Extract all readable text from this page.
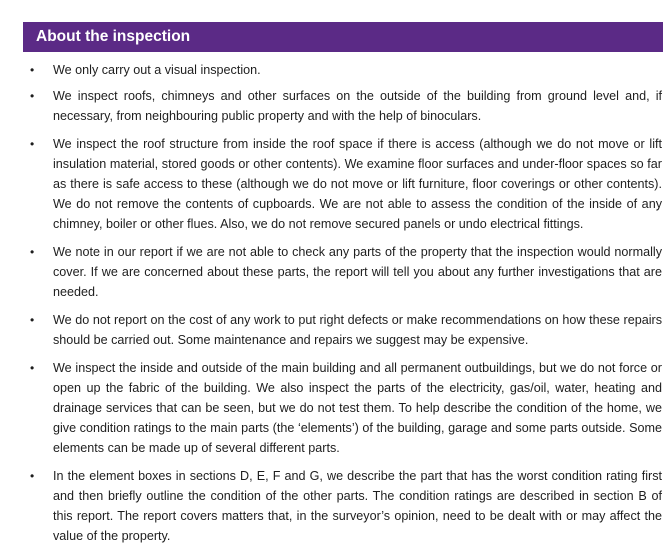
About the inspection
• We only carry out a visual inspection.
• We inspect roofs, chimneys and other surfaces on the outside of the building from ground level and, if necessary, from neighbouring public property and with the help of binoculars.
• We inspect the roof structure from inside the roof space if there is access (although we do not move or lift insulation material, stored goods or other contents). We examine floor surfaces and under-floor spaces so far as there is safe access to these (although we do not move or lift furniture, floor coverings or other contents). We do not remove the contents of cupboards. We are not able to assess the condition of the inside of any chimney, boiler or other flues. Also, we do not remove secured panels or undo electrical fittings.
• We note in our report if we are not able to check any parts of the property that the inspection would normally cover. If we are concerned about these parts, the report will tell you about any further investigations that are needed.
• We do not report on the cost of any work to put right defects or make recommendations on how these repairs should be carried out. Some maintenance and repairs we suggest may be expensive.
• We inspect the inside and outside of the main building and all permanent outbuildings, but we do not force or open up the fabric of the building. We also inspect the parts of the electricity, gas/oil, water, heating and drainage services that can be seen, but we do not test them. To help describe the condition of the home, we give condition ratings to the main parts (the ‘elements’) of the building, garage and some parts outside. Some elements can be made up of several different parts.
• In the element boxes in sections D, E, F and G, we describe the part that has the worst condition rating first and then briefly outline the condition of the other parts. The condition ratings are described in section B of this report. The report covers matters that, in the surveyor’s opinion, need to be dealt with or may affect the value of the property.
